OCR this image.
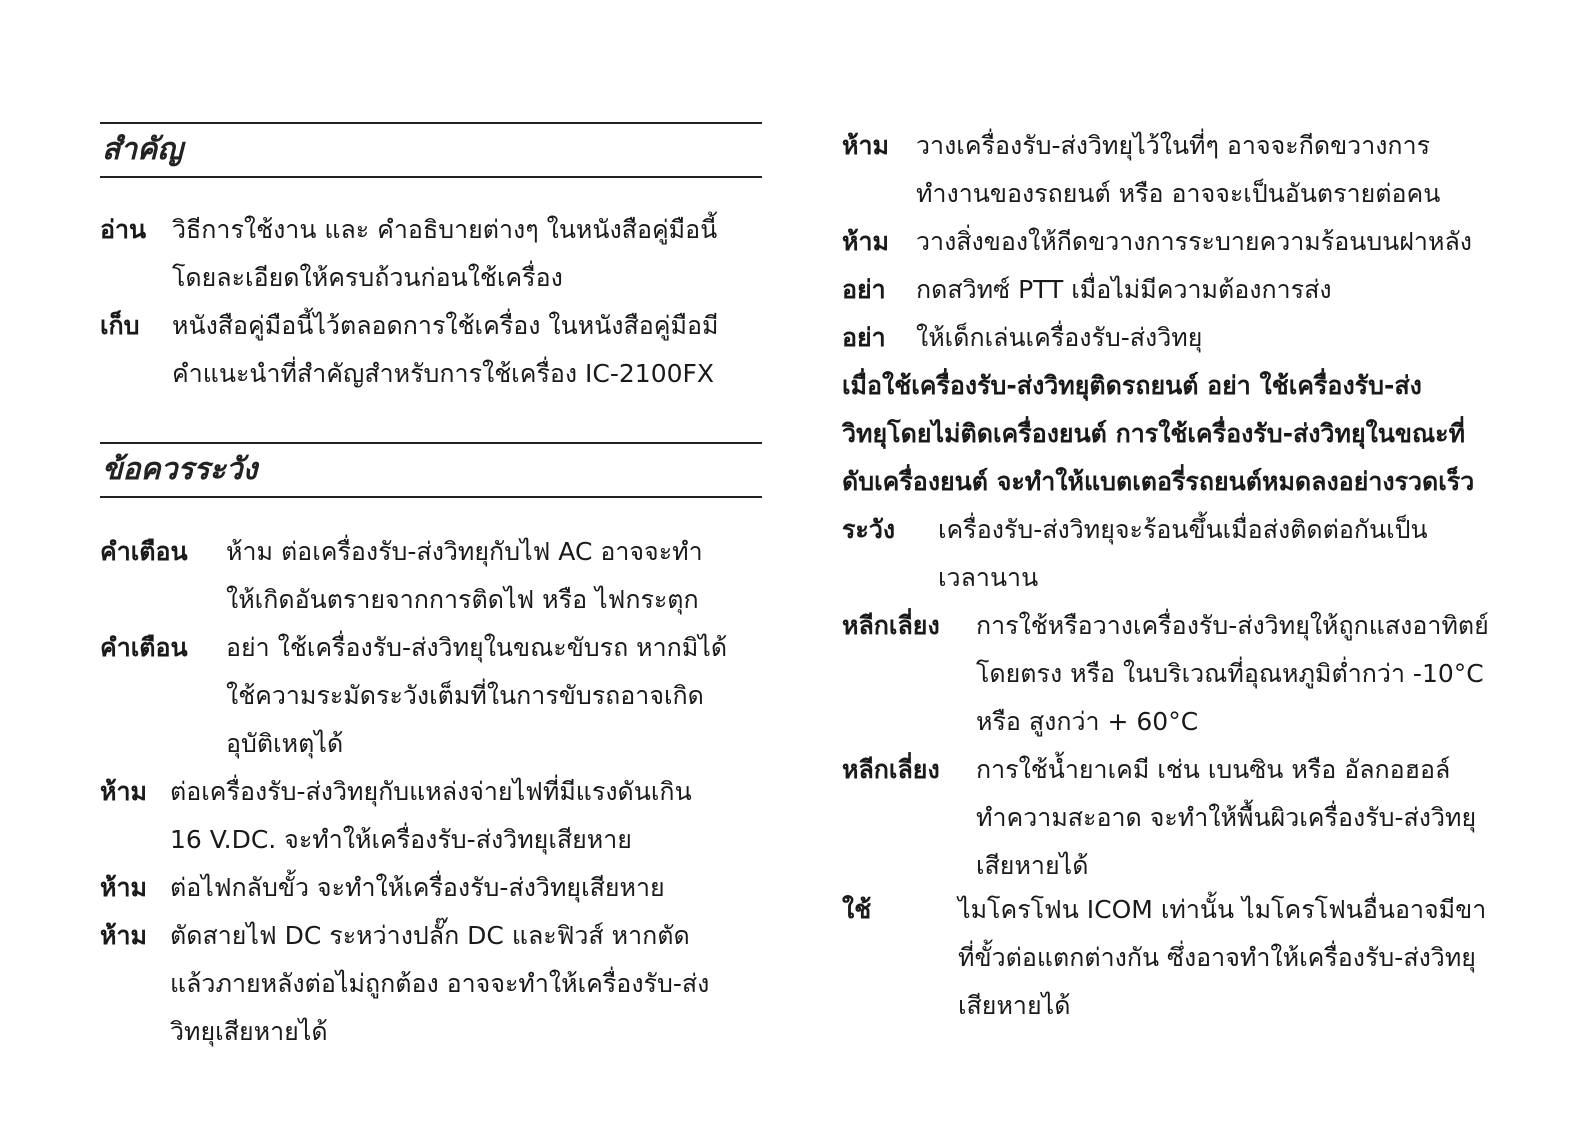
สำคัญ
อ่าน	วิธีการใช้งาน และ คำอธิบายต่างๆ ในหนังสือคู่มือนี้
โดยละเอียดให้ครบถ้วนก่อนใช้เครื่อง
เก็บ	หนังสือคู่มือนี้ไว้ตลอดการใช้เครื่อง ในหนังสือคู่มือมี
คำแนะนำที่สำคัญสำหรับการใช้เครื่อง IC-2100FX
ข้อควรระวัง
คำเตือน	ห้าม ต่อเครื่องรับ-ส่งวิทยุกับไฟ AC อาจจะทำ
ให้เกิดอันตรายจากการติดไฟ หรือ ไฟกระตุก
คำเตือน	อย่า ใช้เครื่องรับ-ส่งวิทยุในขณะขับรถ หากมิได้
ใช้ความระมัดระวังเต็มที่ในการขับรถอาจเกิด
อุบัติเหตุได้
ห้าม ต่อเครื่องรับ-ส่งวิทยุกับแหล่งจ่ายไฟที่มีแรงดันเกิน
16 V.DC. จะทำให้เครื่องรับ-ส่งวิทยุเสียหาย
ห้าม ต่อไฟกลับขั้ว จะทำให้เครื่องรับ-ส่งวิทยุเสียหาย
ห้าม ตัดสายไฟ DC ระหว่างปลั๊ก DC และฟิวส์ หากตัด
แล้วภายหลังต่อไม่ถูกต้อง อาจจะทำให้เครื่องรับ-ส่ง
วิทยุเสียหายได้
ห้าม	วางเครื่องรับ-ส่งวิทยุไว้ในที่ๆ อาจจะกีดขวางการ
ทำงานของรถยนต์ หรือ อาจจะเป็นอันตรายต่อคน
ห้าม	วางสิ่งของให้กีดขวางการระบายความร้อนบนฝาหลัง
อย่า	กดสวิทซ์ PTT เมื่อไม่มีความต้องการส่ง
อย่า	ให้เด็กเล่นเครื่องรับ-ส่งวิทยุ
เมื่อใช้เครื่องรับ-ส่งวิทยุติดรถยนต์ อย่า ใช้เครื่องรับ-ส่ง
วิทยุโดยไม่ติดเครื่องยนต์ การใช้เครื่องรับ-ส่งวิทยุในขณะที่
ดับเครื่องยนต์ จะทำให้แบตเตอรี่รถยนต์หมดลงอย่างรวดเร็ว
ระวัง	เครื่องรับ-ส่งวิทยุจะร้อนขึ้นเมื่อส่งติดต่อกันเป็น
เวลานาน
หลีกเลี่ยง	การใช้หรือวางเครื่องรับ-ส่งวิทยุให้ถูกแสงอาทิตย์
โดยตรง หรือ ในบริเวณที่อุณหภูมิต่ำกว่า -10°C
หรือ สูงกว่า + 60°C
หลีกเลี่ยง	การใช้น้ำยาเคมี เช่น เบนซิน หรือ อัลกอฮอล์
ทำความสะอาด จะทำให้พื้นผิวเครื่องรับ-ส่งวิทยุ
เสียหายได้
ใช้	ไมโครโฟน ICOM เท่านั้น ไมโครโฟนอื่นอาจมีขา
ที่ขั้วต่อแตกต่างกัน ซึ่งอาจทำให้เครื่องรับ-ส่งวิทยุ
เสียหายได้
